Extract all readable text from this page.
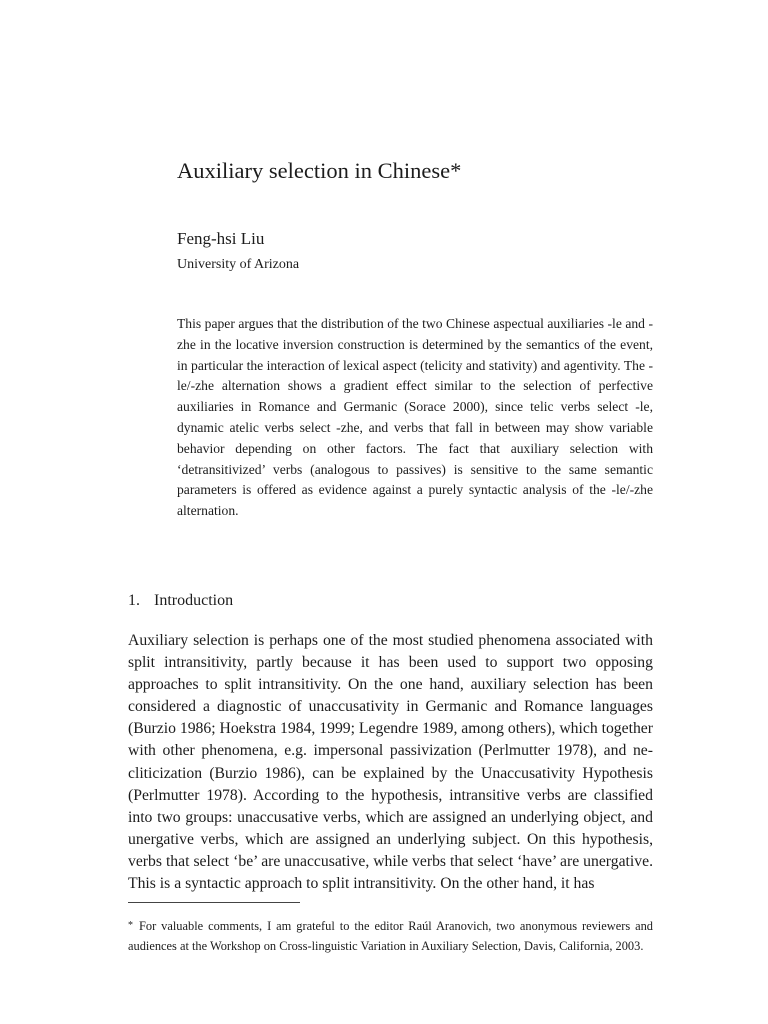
Auxiliary selection in Chinese*
Feng-hsi Liu
University of Arizona

This paper argues that the distribution of the two Chinese aspectual auxiliaries -le and -zhe in the locative inversion construction is determined by the semantics of the event, in particular the interaction of lexical aspect (telicity and stativity) and agentivity. The -le/-zhe alternation shows a gradient effect similar to the selection of perfective auxiliaries in Romance and Germanic (Sorace 2000), since telic verbs select -le, dynamic atelic verbs select -zhe, and verbs that fall in between may show variable behavior depending on other factors. The fact that auxiliary selection with ‘detransitivized’ verbs (analogous to passives) is sensitive to the same semantic parameters is offered as evidence against a purely syntactic analysis of the -le/-zhe alternation.

1. Introduction

Auxiliary selection is perhaps one of the most studied phenomena associated with split intransitivity, partly because it has been used to support two opposing approaches to split intransitivity. On the one hand, auxiliary selection has been considered a diagnostic of unaccusativity in Germanic and Romance languages (Burzio 1986; Hoekstra 1984, 1999; Legendre 1989, among others), which together with other phenomena, e.g. impersonal passivization (Perlmutter 1978), and ne-cliticization (Burzio 1986), can be explained by the Unaccusativity Hypothesis (Perlmutter 1978). According to the hypothesis, intransitive verbs are classified into two groups: unaccusative verbs, which are assigned an underlying object, and unergative verbs, which are assigned an underlying subject. On this hypothesis, verbs that select ‘be’ are unaccusative, while verbs that select ‘have’ are unergative. This is a syntactic approach to split intransitivity. On the other hand, it has

* For valuable comments, I am grateful to the editor Raúl Aranovich, two anonymous reviewers and audiences at the Workshop on Cross-linguistic Variation in Auxiliary Selection, Davis, California, 2003.
